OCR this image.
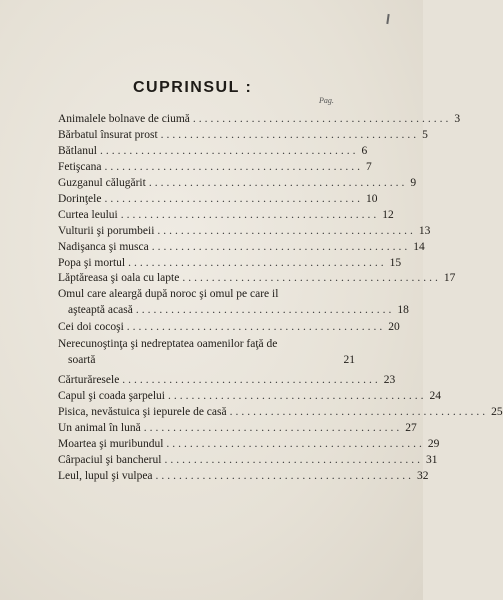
CUPRINSUL :
Pag.
Animalele bolnave de ciumă ............................................ 3
Bărbatul însurat prost ............................................ 5
Bătlanul ............................................ 6
Fetişcana ............................................ 7
Guzganul călugărit ............................................ 9
Dorinţele ............................................ 10
Curtea leului ............................................ 12
Vulturii şi porumbeii ............................................ 13
Nadişanca şi musca ............................................ 14
Popa şi mortul ............................................ 15
Lăptăreasa şi oala cu lapte ............................................ 17
Omul care aleargă după noroc şi omul pe care il
aşteaptă acasă ............................................ 18
Cei doi cocoşi ............................................ 20
Nerecunoştinţa şi nedreptatea oamenilor faţă de
soartă	21
Cărturăresele ............................................ 23
Capul şi coada şarpelui ............................................ 24
Pisica, nevăstuica şi iepurele de casă ............................................ 25
Un animal în lună ............................................ 27
Moartea şi muribundul ............................................ 29
Cârpaciul şi bancherul ............................................ 31
Leul, lupul şi vulpea ............................................ 32
